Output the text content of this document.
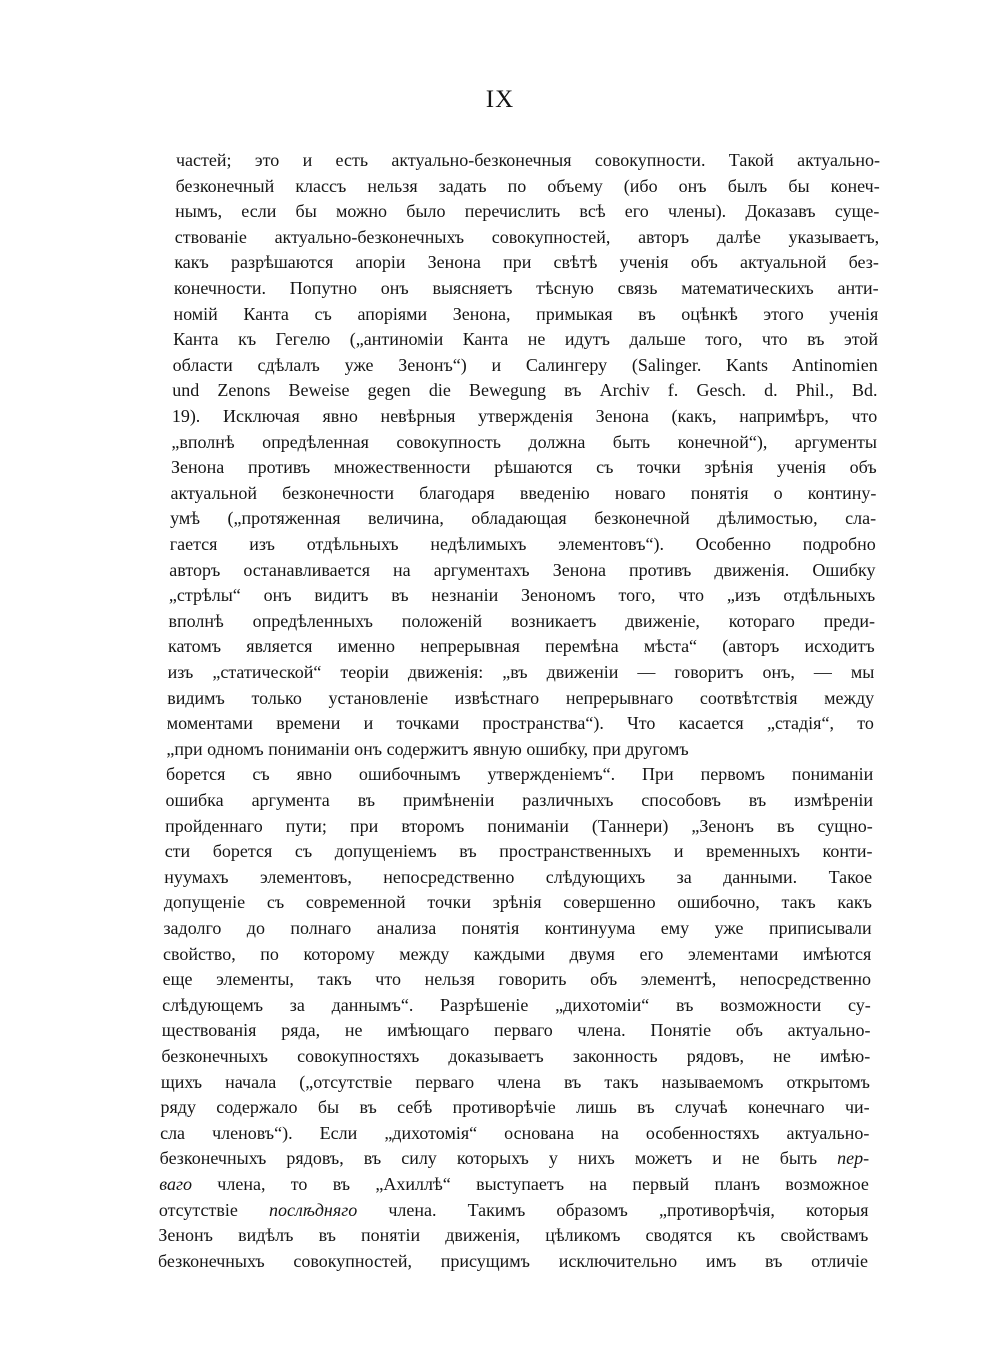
IX
частей; это и есть актуально-безконечныя совокупности. Такой актуально-
безконечный классъ нельзя задать по объему (ибо онъ былъ бы конеч-
нымъ, если бы можно было перечислить всѣ его члены). Доказавъ суще-
ствованіе актуально-безконечныхъ совокупностей, авторъ далѣе указываетъ,
какъ разрѣшаются апоріи Зенона при свѣтѣ ученія объ актуальной без-
конечности. Попутно онъ выясняетъ тѣсную связь математическихъ анти-
номій Канта съ апоріями Зенона, примыкая въ оцѣнкѣ этого ученія
Канта къ Гегелю („антиноміи Канта не идутъ дальше того, что въ этой
области сдѣлалъ уже Зенонъ“) и Салингеру (Salinger. Kants Antinomien
und Zenons Beweise gegen die Bewegung въ Archiv f. Gesch. d. Phil., Bd.
19). Исключая явно невѣрныя утвержденія Зенона (какъ, напримѣръ, что
„вполнѣ опредѣленная совокупность должна быть конечной“), аргументы
Зенона противъ множественности рѣшаются съ точки зрѣнія ученія объ
актуальной безконечности благодаря введенію новаго понятія о контину-
умѣ („протяженная величина, обладающая безконечной дѣлимостью, сла-
гается изъ отдѣльныхъ недѣлимыхъ элементовъ“). Особенно подробно
авторъ останавливается на аргументахъ Зенона противъ движенія. Ошибку
„стрѣлы“ онъ видитъ въ незнаніи Зенономъ того, что „изъ отдѣльныхъ
вполнѣ опредѣленныхъ положеній возникаетъ движеніе, котораго преди-
катомъ является именно непрерывная перемѣна мѣста“ (авторъ исходитъ
изъ „статической“ теоріи движенія: „въ движеніи — говоритъ онъ, — мы
видимъ только установленіе извѣстнаго непрерывнаго соотвѣтствія между
моментами времени и точками пространства“). Что касается „стадія“, то
„при одномъ пониманіи онъ содержитъ явную ошибку, при другомъ
борется съ явно ошибочнымъ утвержденіемъ“. При первомъ пониманіи
ошибка аргумента въ примѣненіи различныхъ способовъ въ измѣреніи
пройденнаго пути; при второмъ пониманіи (Таннери) „Зенонъ въ сущно-
сти борется съ допущеніемъ въ пространственныхъ и временныхъ конти-
нуумахъ элементовъ, непосредственно слѣдующихъ за данными. Такое
допущеніе съ современной точки зрѣнія совершенно ошибочно, такъ какъ
задолго до полнаго анализа понятія континуума ему уже приписывали
свойство, по которому между каждыми двумя его элементами имѣются
еще элементы, такъ что нельзя говорить объ элементѣ, непосредственно
слѣдующемъ за даннымъ“. Разрѣшеніе „дихотоміи“ въ возможности су-
ществованія ряда, не имѣющаго перваго члена. Понятіе объ актуально-
безконечныхъ совокупностяхъ доказываетъ законность рядовъ, не имѣю-
щихъ начала („отсутствіе перваго члена въ такъ называемомъ открытомъ
ряду содержало бы въ себѣ противорѣчіе лишь въ случаѣ конечнаго чи-
сла членовъ“). Если „дихотомія“ основана на особенностяхъ актуально-
безконечныхъ рядовъ, въ силу которыхъ у нихъ можетъ и не быть пер-
ваго члена, то въ „Ахиллѣ“ выступаетъ на первый планъ возможное
отсутствіе послѣдняго члена. Такимъ образомъ „противорѣчія, которыя
Зенонъ видѣлъ въ понятіи движенія, цѣликомъ сводятся къ свойствамъ
безконечныхъ совокупностей, присущимъ исключительно имъ въ отличіе
